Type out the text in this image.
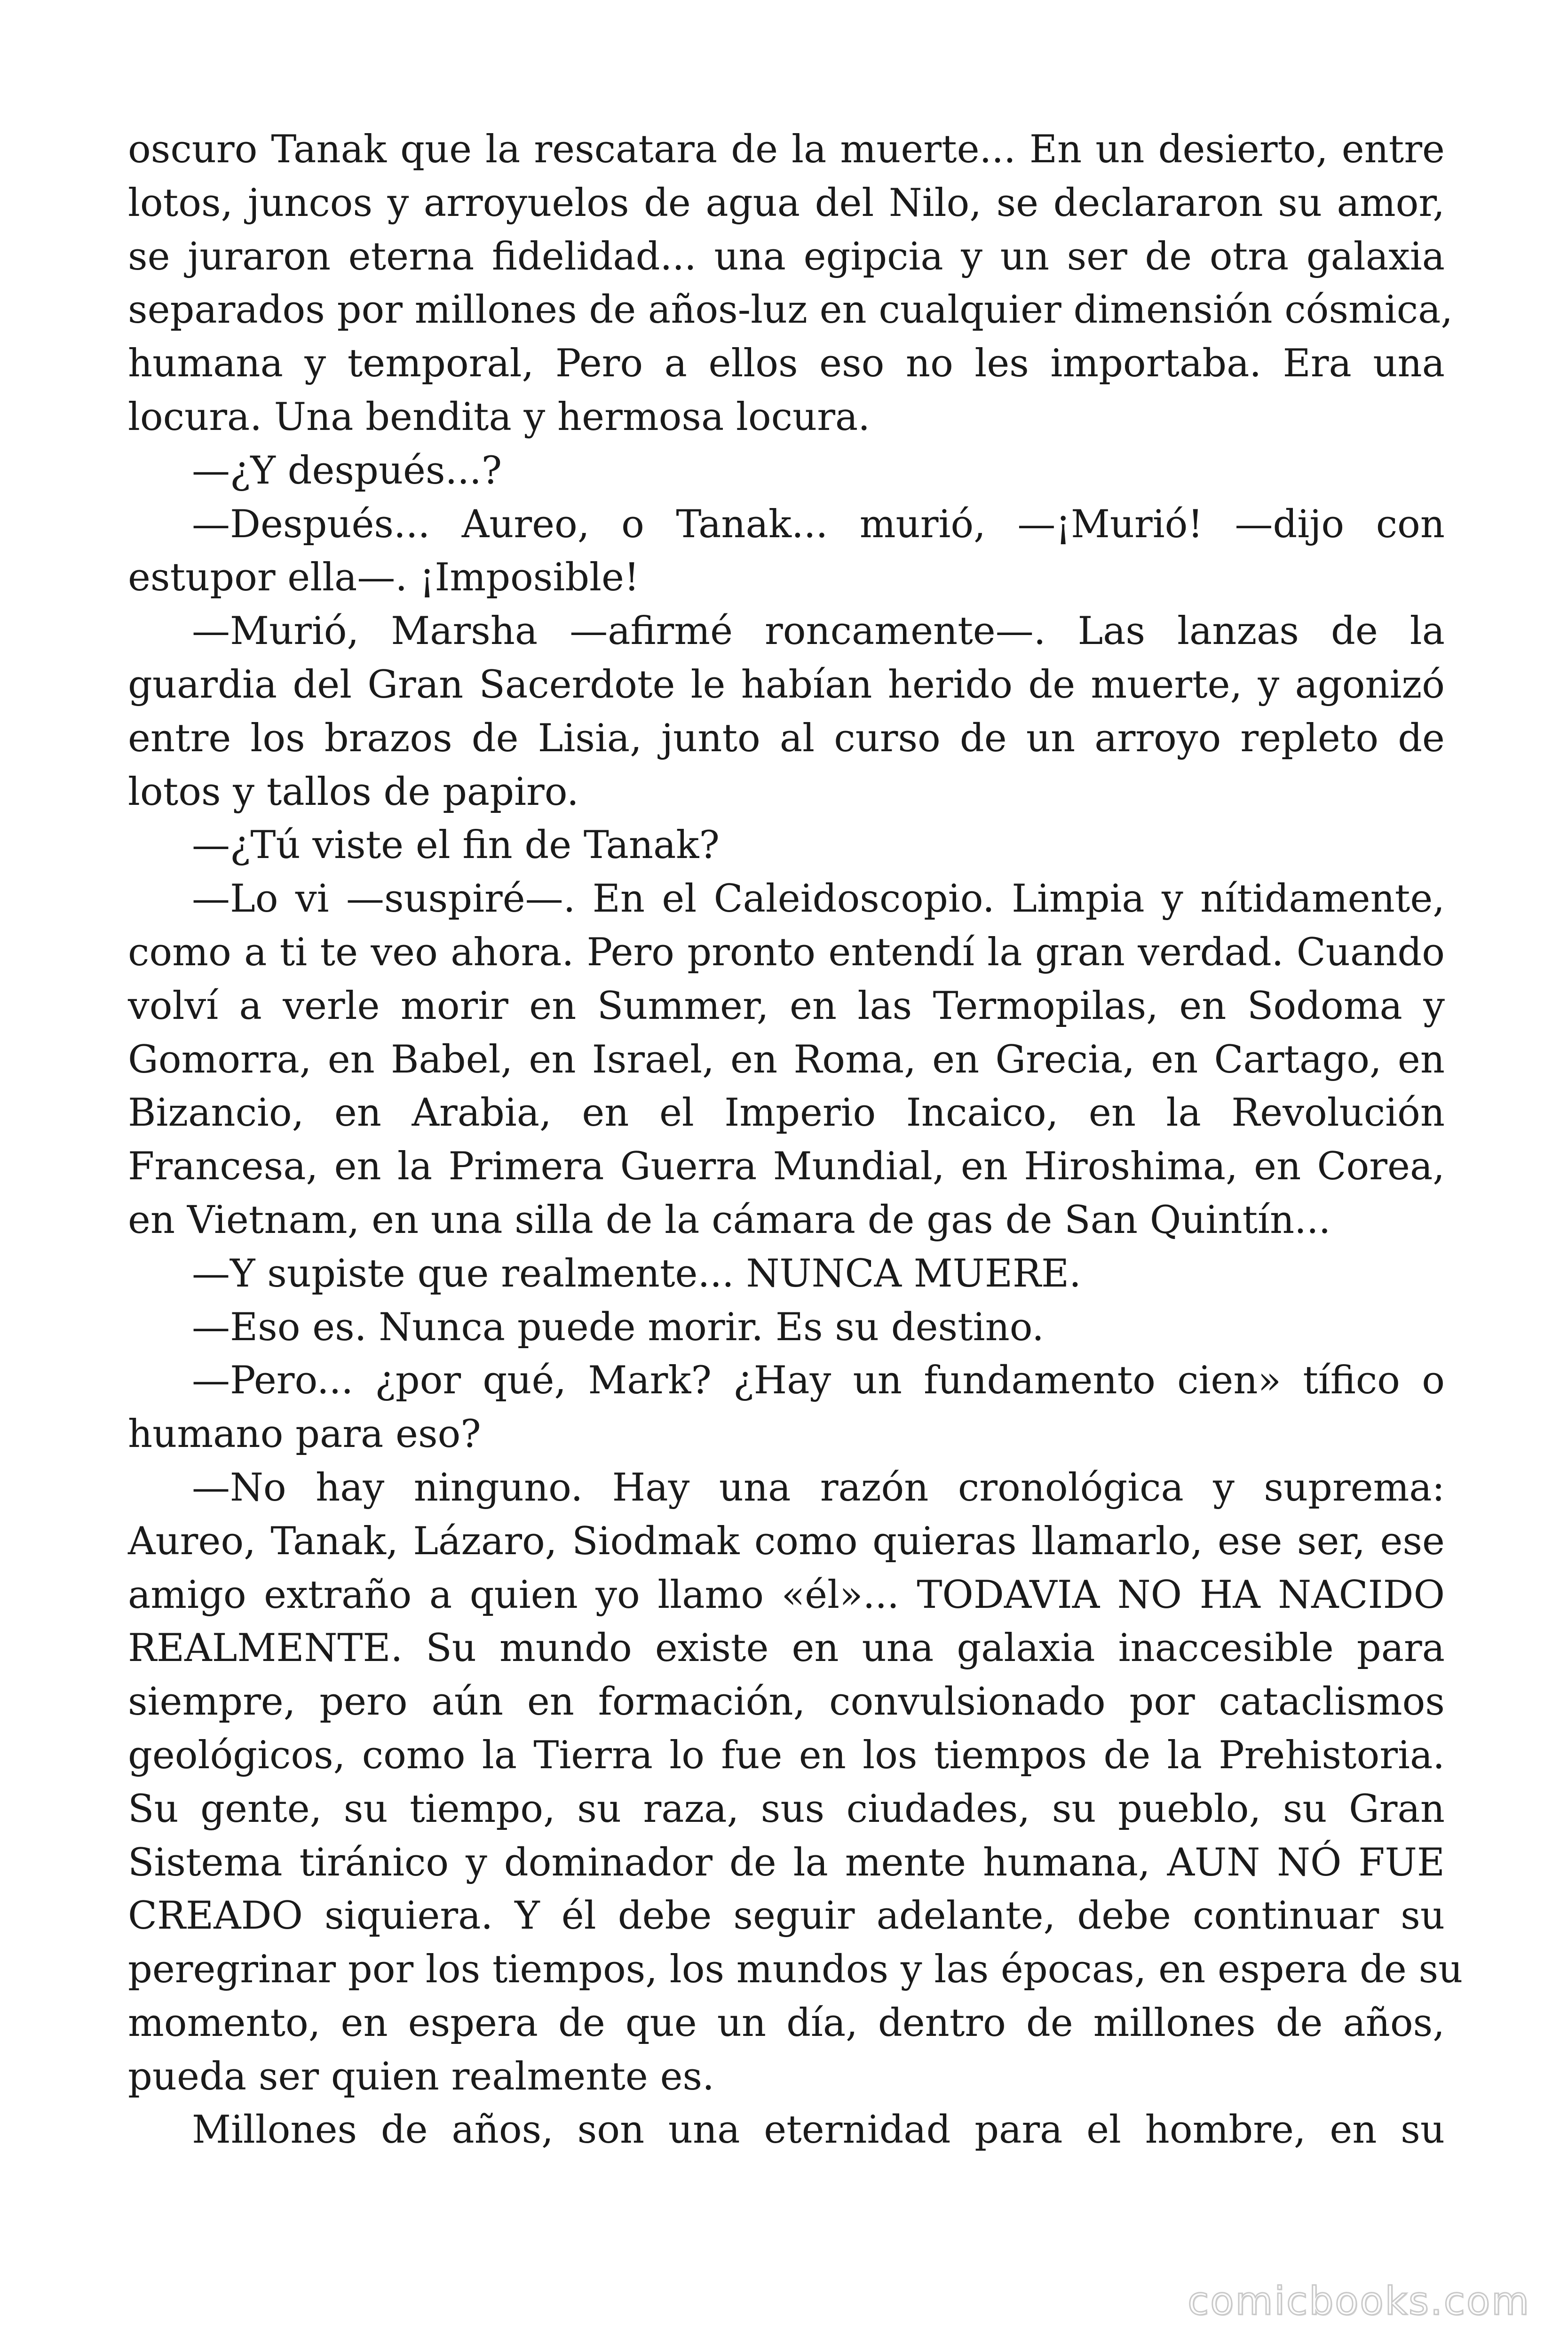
oscuro Tanak que la rescatara de la muerte... En un desierto, entre
lotos, juncos y arroyuelos de agua del Nilo, se declararon su amor,
se juraron eterna fidelidad... una egipcia y un ser de otra galaxia
separados por millones de años-luz en cualquier dimensión cósmica,
humana y temporal, Pero a ellos eso no les importaba. Era una
locura. Una bendita y hermosa locura.
—¿Y después...?
—Después... Aureo, o Tanak... murió, —¡Murió! —dijo con
estupor ella—. ¡Imposible!
—Murió, Marsha —afirmé roncamente—. Las lanzas de la
guardia del Gran Sacerdote le habían herido de muerte, y agonizó
entre los brazos de Lisia, junto al curso de un arroyo repleto de
lotos y tallos de papiro.
—¿Tú viste el fin de Tanak?
—Lo vi —suspiré—. En el Caleidoscopio. Limpia y nítidamente,
como a ti te veo ahora. Pero pronto entendí la gran verdad. Cuando
volví a verle morir en Summer, en las Termopilas, en Sodoma y
Gomorra, en Babel, en Israel, en Roma, en Grecia, en Cartago, en
Bizancio, en Arabia, en el Imperio Incaico, en la Revolución
Francesa, en la Primera Guerra Mundial, en Hiroshima, en Corea,
en Vietnam, en una silla de la cámara de gas de San Quintín...
—Y supiste que realmente... NUNCA MUERE.
—Eso es. Nunca puede morir. Es su destino.
—Pero... ¿por qué, Mark? ¿Hay un fundamento cien» tífico o
humano para eso?
—No hay ninguno. Hay una razón cronológica y suprema:
Aureo, Tanak, Lázaro, Siodmak como quieras llamarlo, ese ser, ese
amigo extraño a quien yo llamo «él»... TODAVIA NO HA NACIDO
REALMENTE. Su mundo existe en una galaxia inaccesible para
siempre, pero aún en formación, convulsionado por cataclismos
geológicos, como la Tierra lo fue en los tiempos de la Prehistoria.
Su gente, su tiempo, su raza, sus ciudades, su pueblo, su Gran
Sistema tiránico y dominador de la mente humana, AUN NÓ FUE
CREADO siquiera. Y él debe seguir adelante, debe continuar su
peregrinar por los tiempos, los mundos y las épocas, en espera de su
momento, en espera de que un día, dentro de millones de años,
pueda ser quien realmente es.
Millones de años, son una eternidad para el hombre, en su
comicbooks.com
